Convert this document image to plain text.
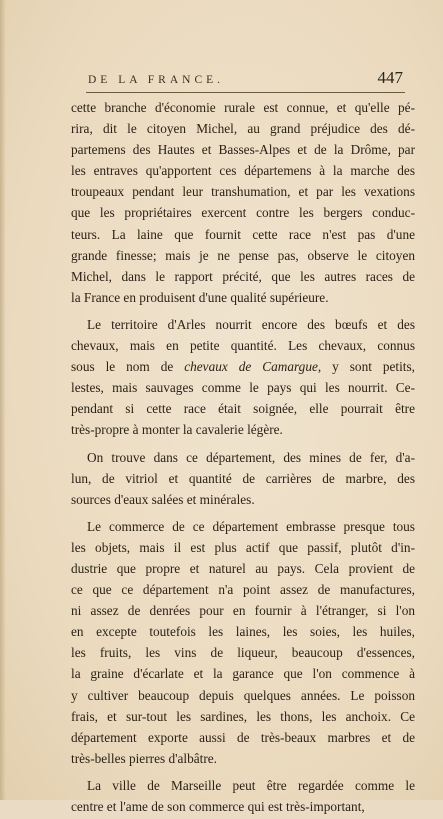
DE LA FRANCE.	447
cette branche d'économie rurale est connue, et qu'elle pé-
rira, dit le citoyen Michel, au grand préjudice des dé-
partemens des Hautes et Basses-Alpes et de la Drôme, par
les entraves qu'apportent ces départemens à la marche des
troupeaux pendant leur transhumation, et par les vexations
que les propriétaires exercent contre les bergers conduc-
teurs. La laine que fournit cette race n'est pas d'une
grande finesse; mais je ne pense pas, observe le citoyen
Michel, dans le rapport précité, que les autres races de
la France en produisent d'une qualité supérieure.
Le territoire d'Arles nourrit encore des bœufs et des
chevaux, mais en petite quantité. Les chevaux, connus
sous le nom de chevaux de Camargue, y sont petits,
lestes, mais sauvages comme le pays qui les nourrit. Ce-
pendant si cette race était soignée, elle pourrait être
très-propre à monter la cavalerie légère.
On trouve dans ce département, des mines de fer, d'a-
lun, de vitriol et quantité de carrières de marbre, des
sources d'eaux salées et minérales.
Le commerce de ce département embrasse presque tous
les objets, mais il est plus actif que passif, plutôt d'in-
dustrie que propre et naturel au pays. Cela provient de
ce que ce département n'a point assez de manufactures,
ni assez de denrées pour en fournir à l'étranger, si l'on
en excepte toutefois les laines, les soies, les huiles,
les fruits, les vins de liqueur, beaucoup d'essences,
la graine d'écarlate et la garance que l'on commence à
y cultiver beaucoup depuis quelques années. Le poisson
frais, et sur-tout les sardines, les thons, les anchoix. Ce
département exporte aussi de très-beaux marbres et de
très-belles pierres d'albâtre.
La ville de Marseille peut être regardée comme le
centre et l'ame de son commerce qui est très-important,
